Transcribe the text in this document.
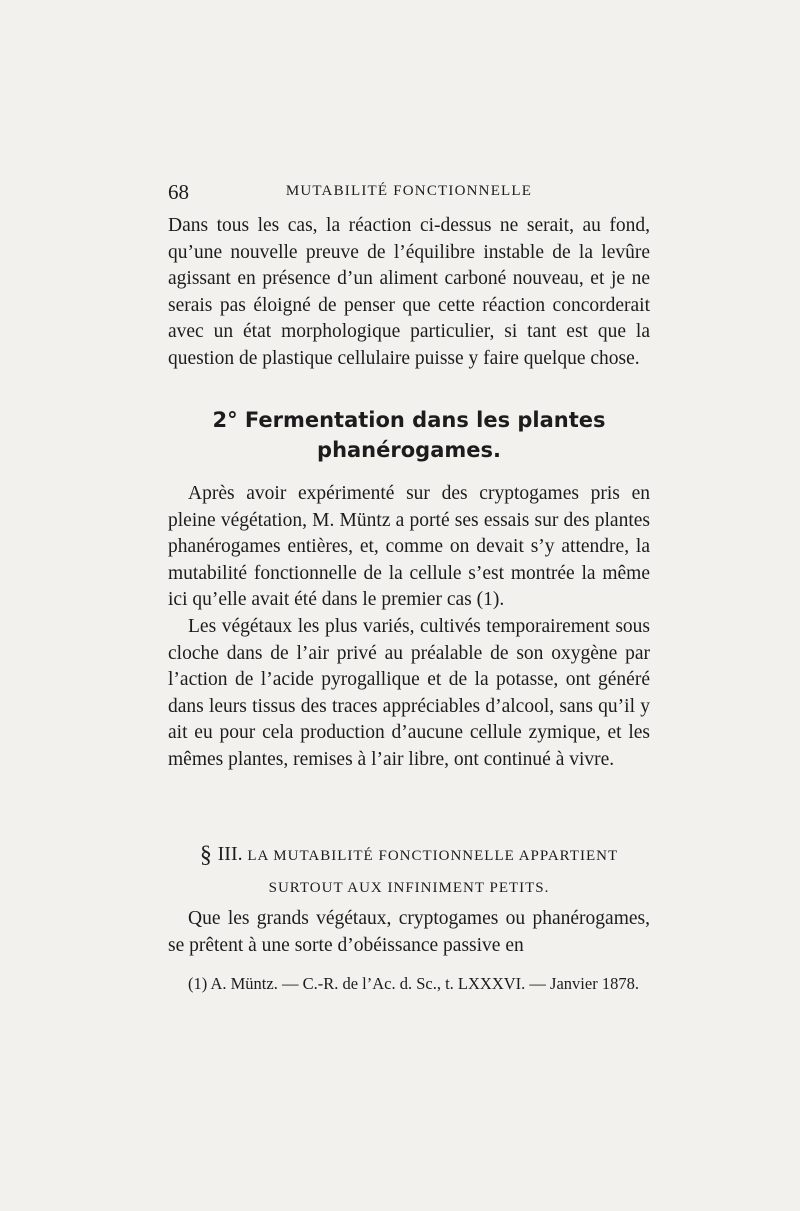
68	MUTABILITÉ FONCTIONNELLE

Dans tous les cas, la réaction ci-dessus ne serait, au fond, qu’une nouvelle preuve de l’équilibre instable de la levûre agissant en présence d’un aliment carboné nouveau, et je ne serais pas éloigné de penser que cette réaction concorderait avec un état morphologique particulier, si tant est que la question de plastique cellulaire puisse y faire quelque chose.

2° Fermentation dans les plantes
phanérogames.

Après avoir expérimenté sur des cryptogames pris en pleine végétation, M. Müntz a porté ses essais sur des plantes phanérogames entières, et, comme on devait s’y attendre, la mutabilité fonctionnelle de la cellule s’est montrée la même ici qu’elle avait été dans le premier cas (1).

Les végétaux les plus variés, cultivés temporairement sous cloche dans de l’air privé au préalable de son oxygène par l’action de l’acide pyrogallique et de la potasse, ont généré dans leurs tissus des traces appréciables d’alcool, sans qu’il y ait eu pour cela production d’aucune cellule zymique, et les mêmes plantes, remises à l’air libre, ont continué à vivre.

§ III. LA MUTABILITÉ FONCTIONNELLE APPARTIENT
SURTOUT AUX INFINIMENT PETITS.

Que les grands végétaux, cryptogames ou phanérogames, se prêtent à une sorte d’obéissance passive en

(1) A. Müntz. — C.-R. de l’Ac. d. Sc., t. LXXXVI. — Janvier 1878.
